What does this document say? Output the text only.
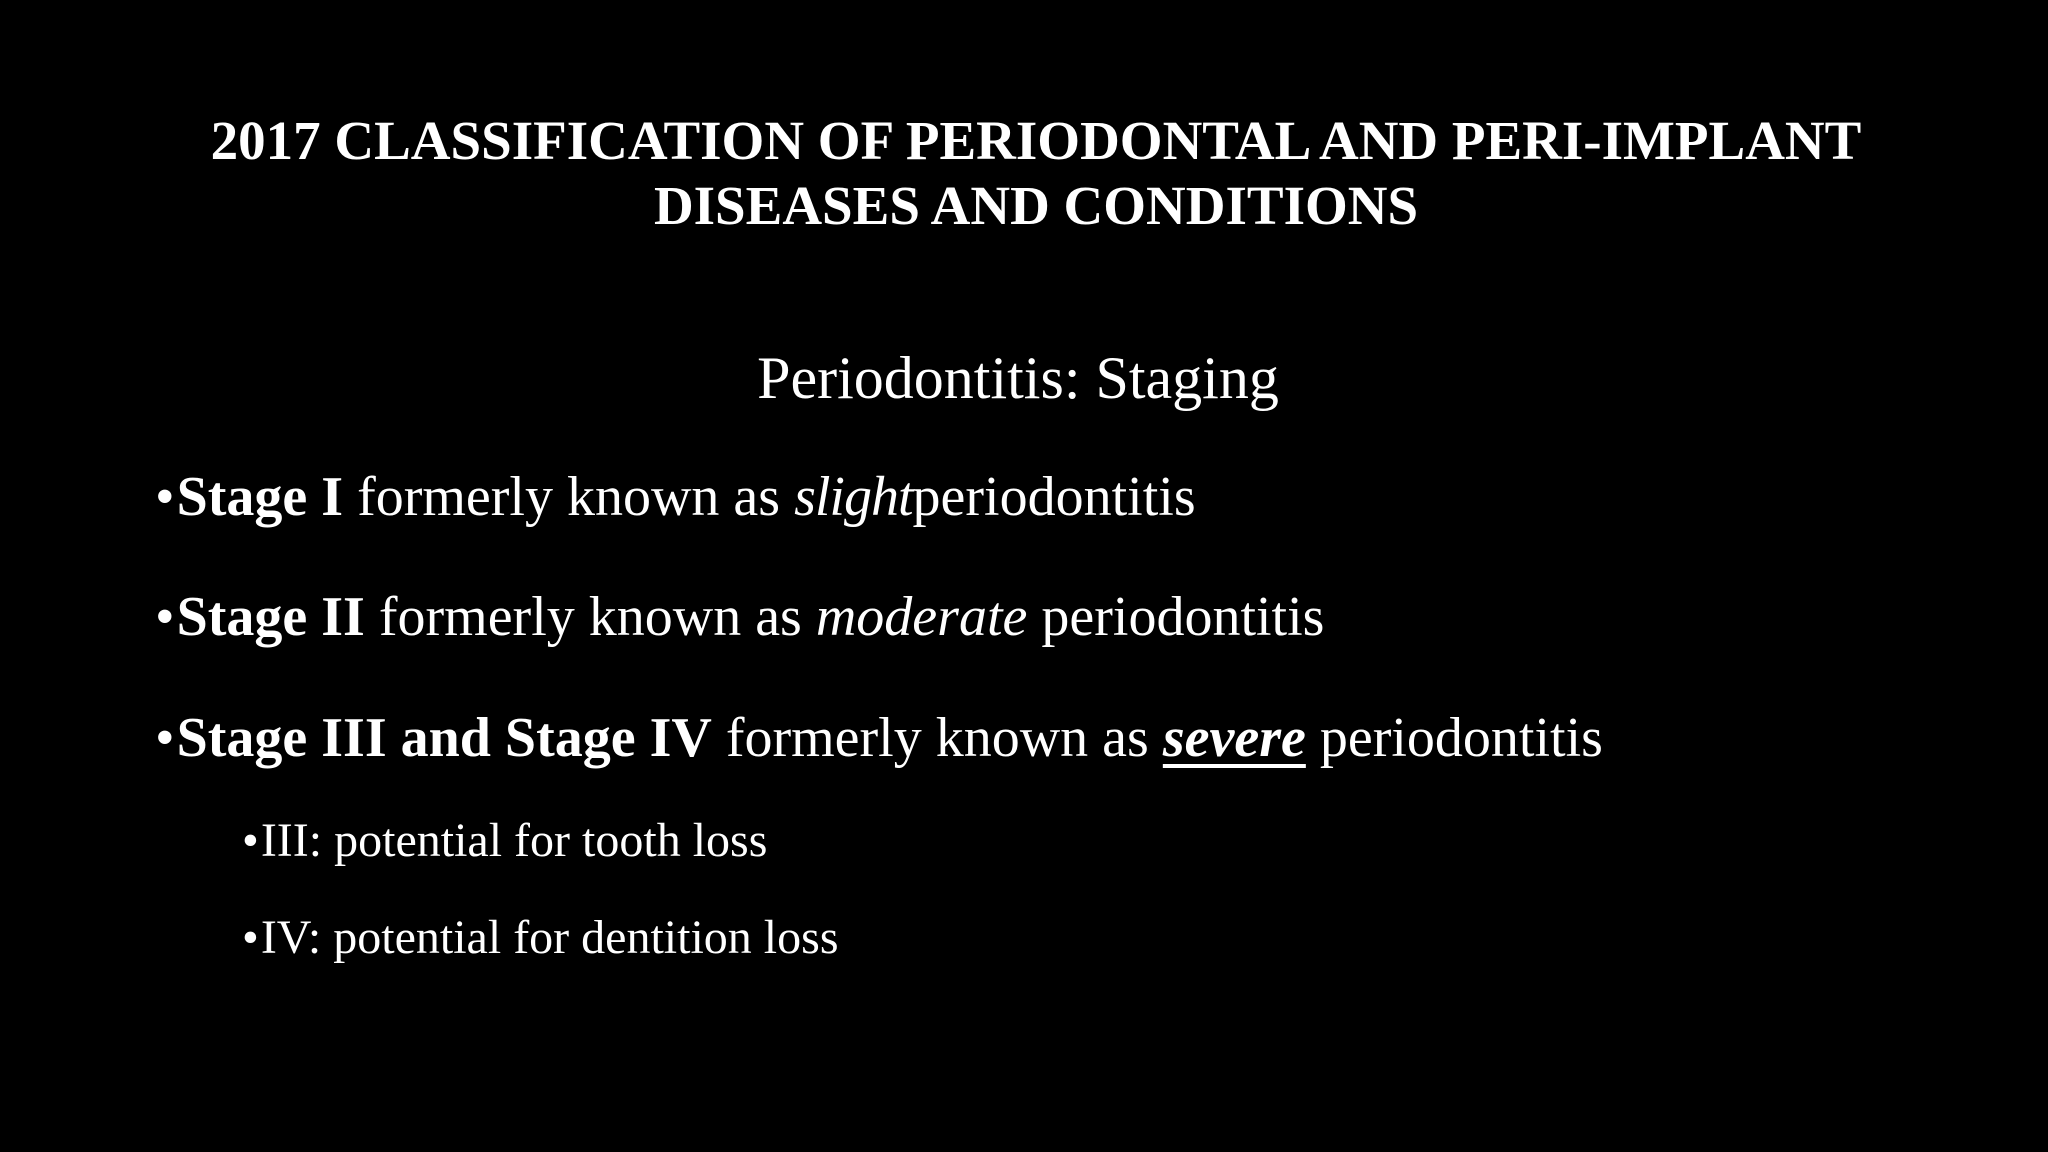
2017 CLASSIFICATION OF PERIODONTAL AND PERI-IMPLANT
DISEASES AND CONDITIONS
Periodontitis: Staging
•Stage I formerly known as slightperiodontitis
•Stage II formerly known as moderate periodontitis
•Stage III and Stage IV formerly known as severe periodontitis
•III: potential for tooth loss
•IV: potential for dentition loss
